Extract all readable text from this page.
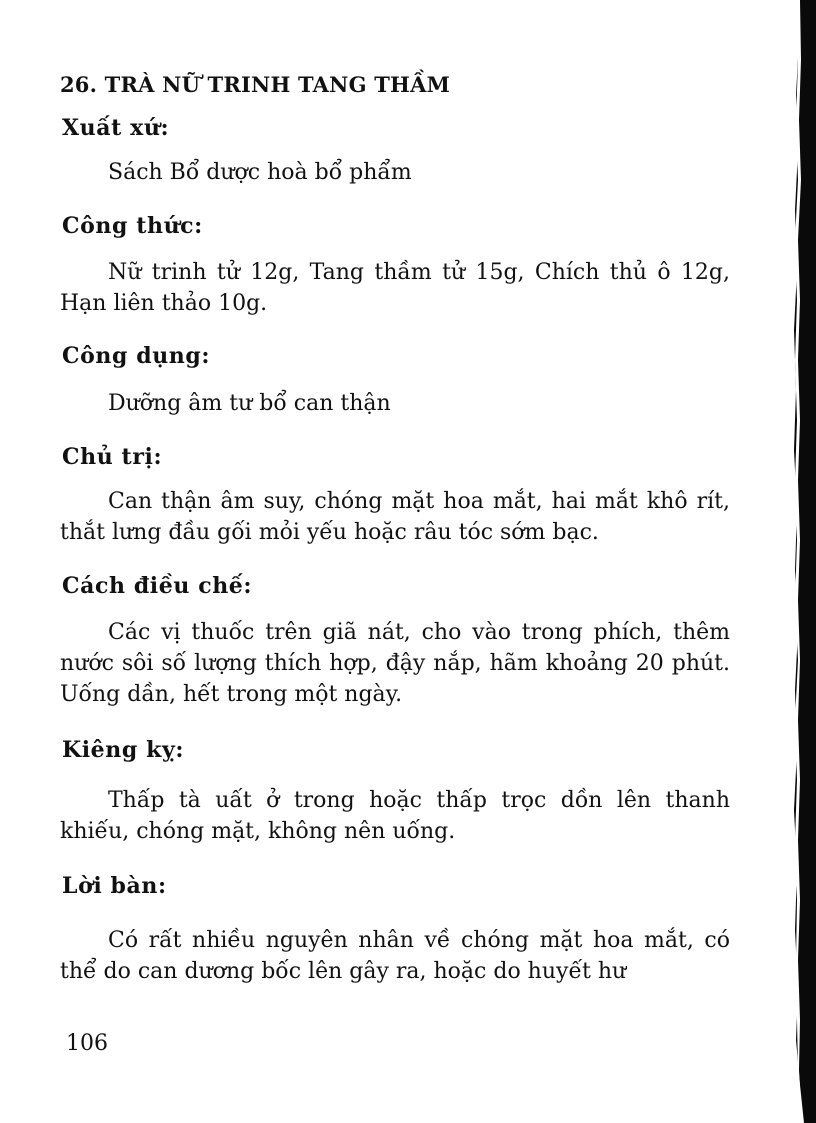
26. TRÀ NỮ TRINH TANG THẦM
Xuất xứ:
Sách Bổ dược hoà bổ phẩm
Công thức:
Nữ trinh tử 12g, Tang thầm tử 15g, Chích thủ ô 12g, Hạn liên thảo 10g.
Công dụng:
Dưỡng âm tư bổ can thận
Chủ trị:
Can thận âm suy, chóng mặt hoa mắt, hai mắt khô rít, thắt lưng đầu gối mỏi yếu hoặc râu tóc sớm bạc.
Cách điều chế:
Các vị thuốc trên giã nát, cho vào trong phích, thêm nước sôi số lượng thích hợp, đậy nắp, hãm khoảng 20 phút. Uống dần, hết trong một ngày.
Kiêng kỵ:
Thấp tà uất ở trong hoặc thấp trọc dồn lên thanh khiếu, chóng mặt, không nên uống.
Lời bàn:
Có rất nhiều nguyên nhân về chóng mặt hoa mắt, có thể do can dương bốc lên gây ra, hoặc do huyết hư
106
